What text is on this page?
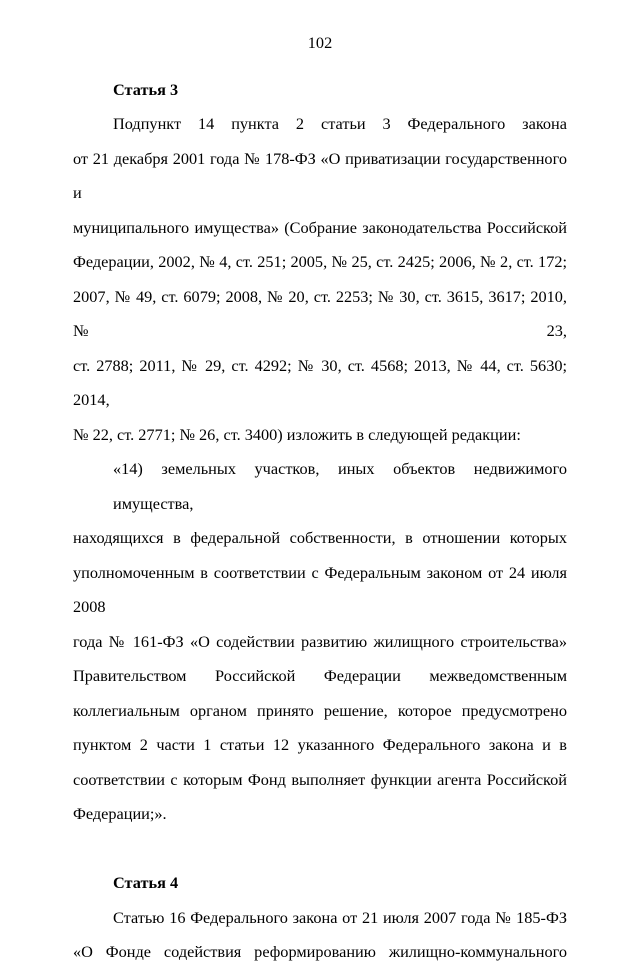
102
Статья 3
Подпункт 14 пункта 2 статьи 3 Федерального закона
от 21 декабря 2001 года № 178-ФЗ «О приватизации государственного и
муниципального имущества» (Собрание законодательства Российской
Федерации, 2002, № 4, ст. 251; 2005, № 25, ст. 2425; 2006, № 2, ст. 172;
2007, № 49, ст. 6079; 2008, № 20, ст. 2253; № 30, ст. 3615, 3617; 2010, № 23,
ст. 2788; 2011, № 29, ст. 4292; № 30, ст. 4568; 2013, № 44, ст. 5630; 2014,
№ 22, ст. 2771; № 26, ст. 3400) изложить в следующей редакции:
«14) земельных участков, иных объектов недвижимого имущества,
находящихся в федеральной собственности, в отношении которых
уполномоченным в соответствии с Федеральным законом от 24 июля 2008
года № 161-ФЗ «О содействии развитию жилищного строительства»
Правительством Российской Федерации межведомственным
коллегиальным органом принято решение, которое предусмотрено
пунктом 2 части 1 статьи 12 указанного Федерального закона и в
соответствии с которым Фонд выполняет функции агента Российской
Федерации;».
Статья 4
Статью 16 Федерального закона от 21 июля 2007 года № 185-ФЗ
«О Фонде содействия реформированию жилищно-коммунального
